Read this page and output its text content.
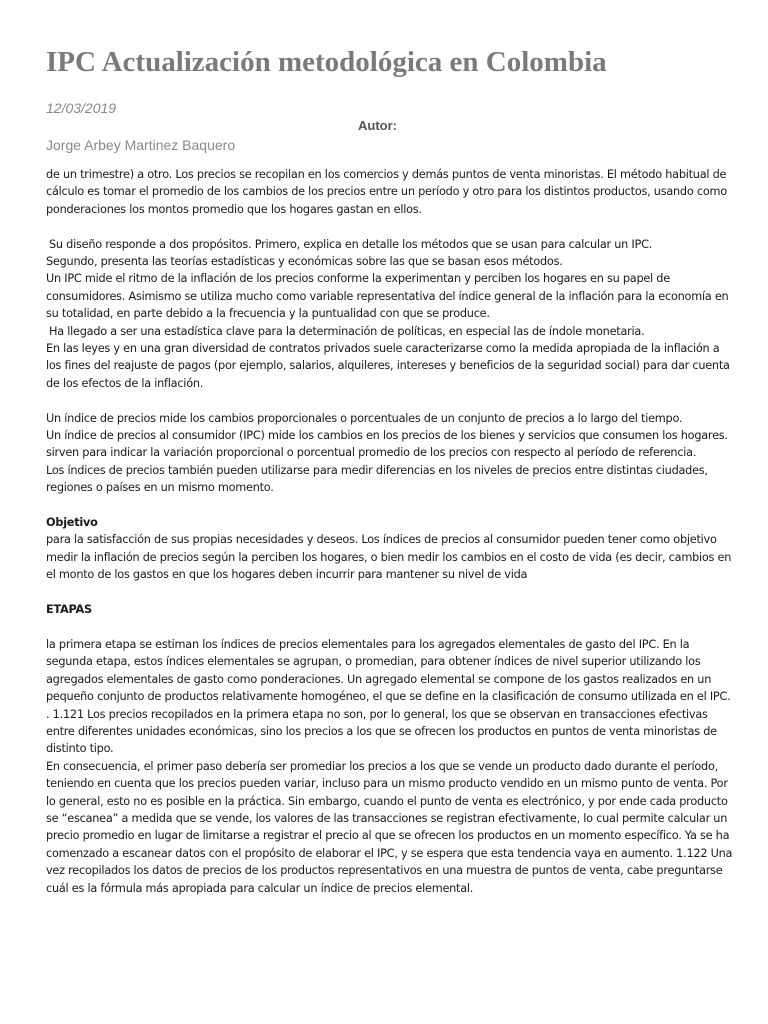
IPC Actualización metodológica en Colombia
12/03/2019
Autor:
Jorge Arbey Martinez Baquero

de un trimestre) a otro. Los precios se recopilan en los comercios y demás puntos de venta minoristas. El método habitual de cálculo es tomar el promedio de los cambios de los precios entre un período y otro para los distintos productos, usando como ponderaciones los montos promedio que los hogares gastan en ellos.

Su diseño responde a dos propósitos. Primero, explica en detalle los métodos que se usan para calcular un IPC.

Segundo, presenta las teorías estadísticas y económicas sobre las que se basan esos métodos.

Un IPC mide el ritmo de la inflación de los precios conforme la experimentan y perciben los hogares en su papel de consumidores. Asimismo se utiliza mucho como variable representativa del índice general de la inflación para la economía en su totalidad, en parte debido a la frecuencia y la puntualidad con que se produce.

Ha llegado a ser una estadística clave para la determinación de políticas, en especial las de índole monetaria.

En las leyes y en una gran diversidad de contratos privados suele caracterizarse como la medida apropiada de la inflación a los fines del reajuste de pagos (por ejemplo, salarios, alquileres, intereses y beneficios de la seguridad social) para dar cuenta de los efectos de la inflación.

Un índice de precios mide los cambios proporcionales o porcentuales de un conjunto de precios a lo largo del tiempo.

Un índice de precios al consumidor (IPC) mide los cambios en los precios de los bienes y servicios que consumen los hogares.

sirven para indicar la variación proporcional o porcentual promedio de los precios con respecto al período de referencia.

Los índices de precios también pueden utilizarse para medir diferencias en los niveles de precios entre distintas ciudades, regiones o países en un mismo momento.

Objetivo

para la satisfacción de sus propias necesidades y deseos. Los índices de precios al consumidor pueden tener como objetivo medir la inflación de precios según la perciben los hogares, o bien medir los cambios en el costo de vida (es decir, cambios en el monto de los gastos en que los hogares deben incurrir para mantener su nivel de vida

ETAPAS

la primera etapa se estiman los índices de precios elementales para los agregados elementales de gasto del IPC. En la segunda etapa, estos índices elementales se agrupan, o promedian, para obtener índices de nivel superior utilizando los agregados elementales de gasto como ponderaciones. Un agregado elemental se compone de los gastos realizados en un pequeño conjunto de productos relativamente homogéneo, el que se define en la clasificación de consumo utilizada en el IPC.

. 1.121 Los precios recopilados en la primera etapa no son, por lo general, los que se observan en transacciones efectivas entre diferentes unidades económicas, sino los precios a los que se ofrecen los productos en puntos de venta minoristas de distinto tipo.

En consecuencia, el primer paso debería ser promediar los precios a los que se vende un producto dado durante el período, teniendo en cuenta que los precios pueden variar, incluso para un mismo producto vendido en un mismo punto de venta. Por lo general, esto no es posible en la práctica. Sin embargo, cuando el punto de venta es electrónico, y por ende cada producto se “escanea” a medida que se vende, los valores de las transacciones se registran efectivamente, lo cual permite calcular un precio promedio en lugar de limitarse a registrar el precio al que se ofrecen los productos en un momento específico. Ya se ha comenzado a escanear datos con el propósito de elaborar el IPC, y se espera que esta tendencia vaya en aumento. 1.122 Una vez recopilados los datos de precios de los productos representativos en una muestra de puntos de venta, cabe preguntarse cuál es la fórmula más apropiada para calcular un índice de precios elemental.
